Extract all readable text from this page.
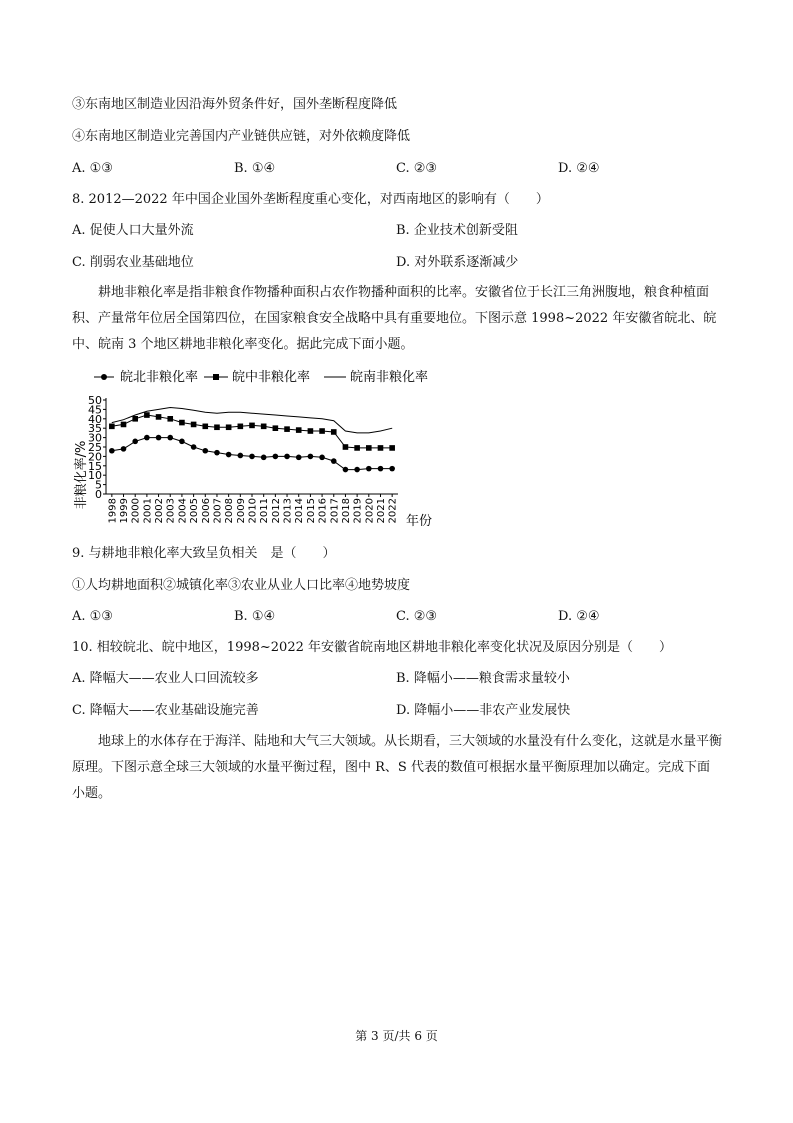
③东南地区制造业因沿海外贸条件好，国外垄断程度降低
④东南地区制造业完善国内产业链供应链，对外依赖度降低
A. ①③	B. ①④	C. ②③	D. ②④
8. 2012—2022 年中国企业国外垄断程度重心变化，对西南地区的影响有（　　）
A. 促使人口大量外流	B. 企业技术创新受阻
C. 削弱农业基础地位	D. 对外联系逐渐减少
耕地非粮化率是指非粮食作物播种面积占农作物播种面积的比率。安徽省位于长江三角洲腹地，粮食种植面积、产量常年位居全国第四位，在国家粮食安全战略中具有重要地位。下图示意 1998~2022 年安徽省皖北、皖中、皖南 3 个地区耕地非粮化率变化。据此完成下面小题。
皖北非粮化率	皖中非粮化率	皖南非粮化率
非粮化率/%
年份
0
5
10
15
20
25
30
35
40
45
50
1998 1999 2000 2001 2002 2003 2004 2005 2006 2007 2008 2009 2010 2011 2012 2013 2014 2015 2016 2017 2018 2019 2020 2021 2022
9. 与耕地非粮化率大致呈负相关　是（　　）
①人均耕地面积②城镇化率③农业从业人口比率④地势坡度
A. ①③	B. ①④	C. ②③	D. ②④
10. 相较皖北、皖中地区，1998~2022 年安徽省皖南地区耕地非粮化率变化状况及原因分别是（　　）
A. 降幅大——农业人口回流较多	B. 降幅小——粮食需求量较小
C. 降幅大——农业基础设施完善	D. 降幅小——非农产业发展快
地球上的水体存在于海洋、陆地和大气三大领域。从长期看，三大领域的水量没有什么变化，这就是水量平衡原理。下图示意全球三大领域的水量平衡过程，图中 R、S 代表的数值可根据水量平衡原理加以确定。完成下面小题。
第 3 页/共 6 页
